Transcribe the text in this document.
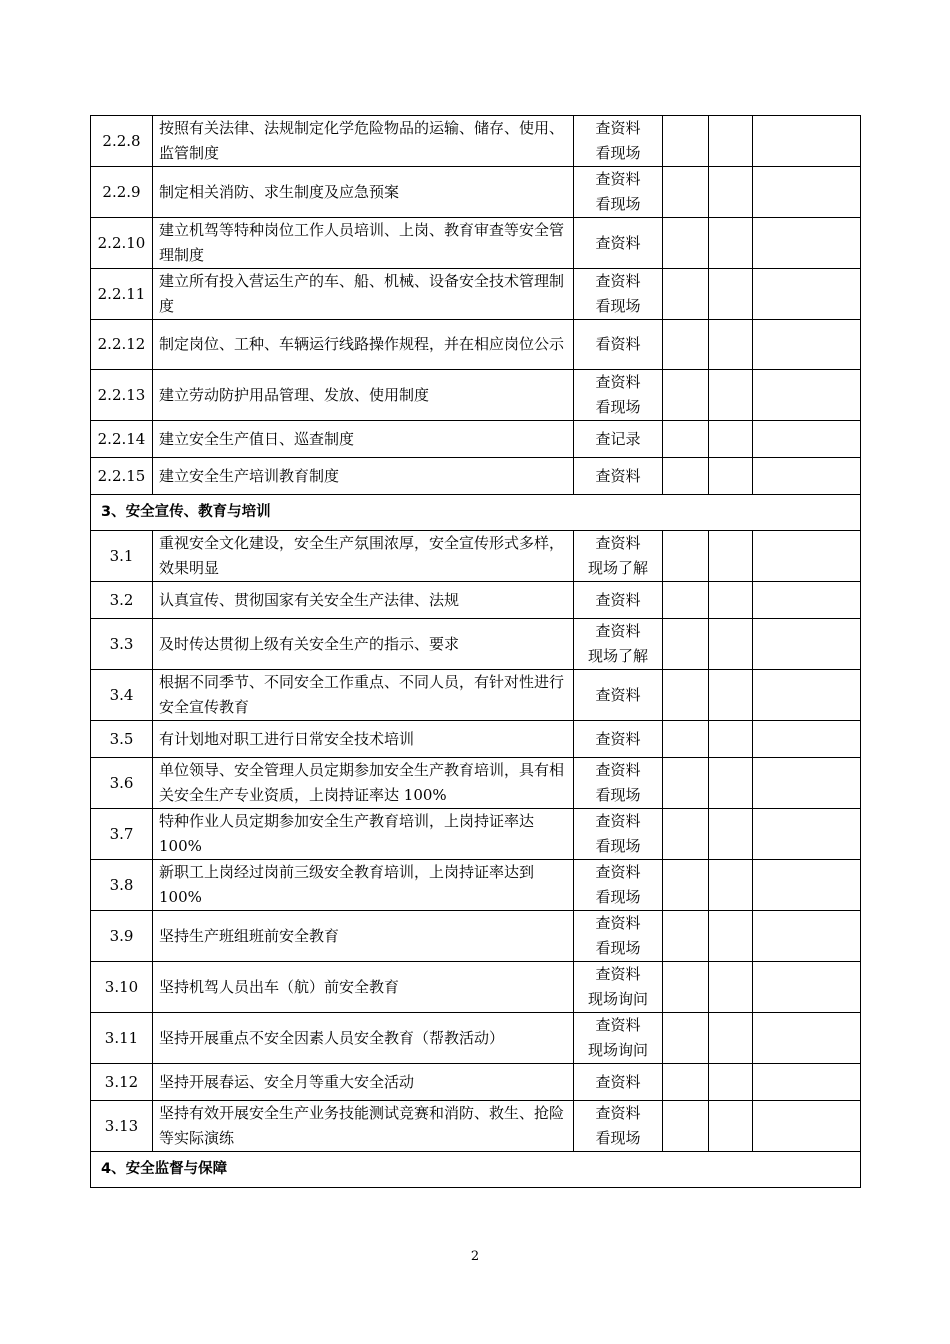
2.2.8	按照有关法律、法规制定化学危险物品的运输、储存、使用、监管制度	查资料
看现场			

2.2.9	制定相关消防、求生制度及应急预案	查资料
看现场			

2.2.10	建立机驾等特种岗位工作人员培训、上岗、教育审查等安全管理制度	查资料			

2.2.11	建立所有投入营运生产的车、船、机械、设备安全技术管理制度	查资料
看现场			

2.2.12	制定岗位、工种、车辆运行线路操作规程，并在相应岗位公示	看资料			

2.2.13	建立劳动防护用品管理、发放、使用制度	查资料
看现场			

2.2.14	建立安全生产值日、巡查制度	查记录			

2.2.15	建立安全生产培训教育制度	查资料			

3、安全宣传、教育与培训					
3.1	重视安全文化建设，安全生产氛围浓厚，安全宣传形式多样，效果明显	查资料
现场了解			

3.2	认真宣传、贯彻国家有关安全生产法律、法规	查资料			

3.3	及时传达贯彻上级有关安全生产的指示、要求	查资料
现场了解			

3.4	根据不同季节、不同安全工作重点、不同人员，有针对性进行安全宣传教育	查资料			

3.5	有计划地对职工进行日常安全技术培训	查资料			

3.6	单位领导、安全管理人员定期参加安全生产教育培训，具有相关安全生产专业资质，上岗持证率达 100%	查资料
看现场			

3.7	特种作业人员定期参加安全生产教育培训，上岗持证率达 100%	查资料
看现场			

3.8	新职工上岗经过岗前三级安全教育培训，上岗持证率达到 100%	查资料
看现场			

3.9	坚持生产班组班前安全教育	查资料
看现场			

3.10	坚持机驾人员出车（航）前安全教育	查资料
现场询问			

3.11	坚持开展重点不安全因素人员安全教育（帮教活动）	查资料
现场询问			

3.12	坚持开展春运、安全月等重大安全活动	查资料			

3.13	坚持有效开展安全生产业务技能测试竞赛和消防、救生、抢险等实际演练	查资料
看现场			

4、安全监督与保障					
2
